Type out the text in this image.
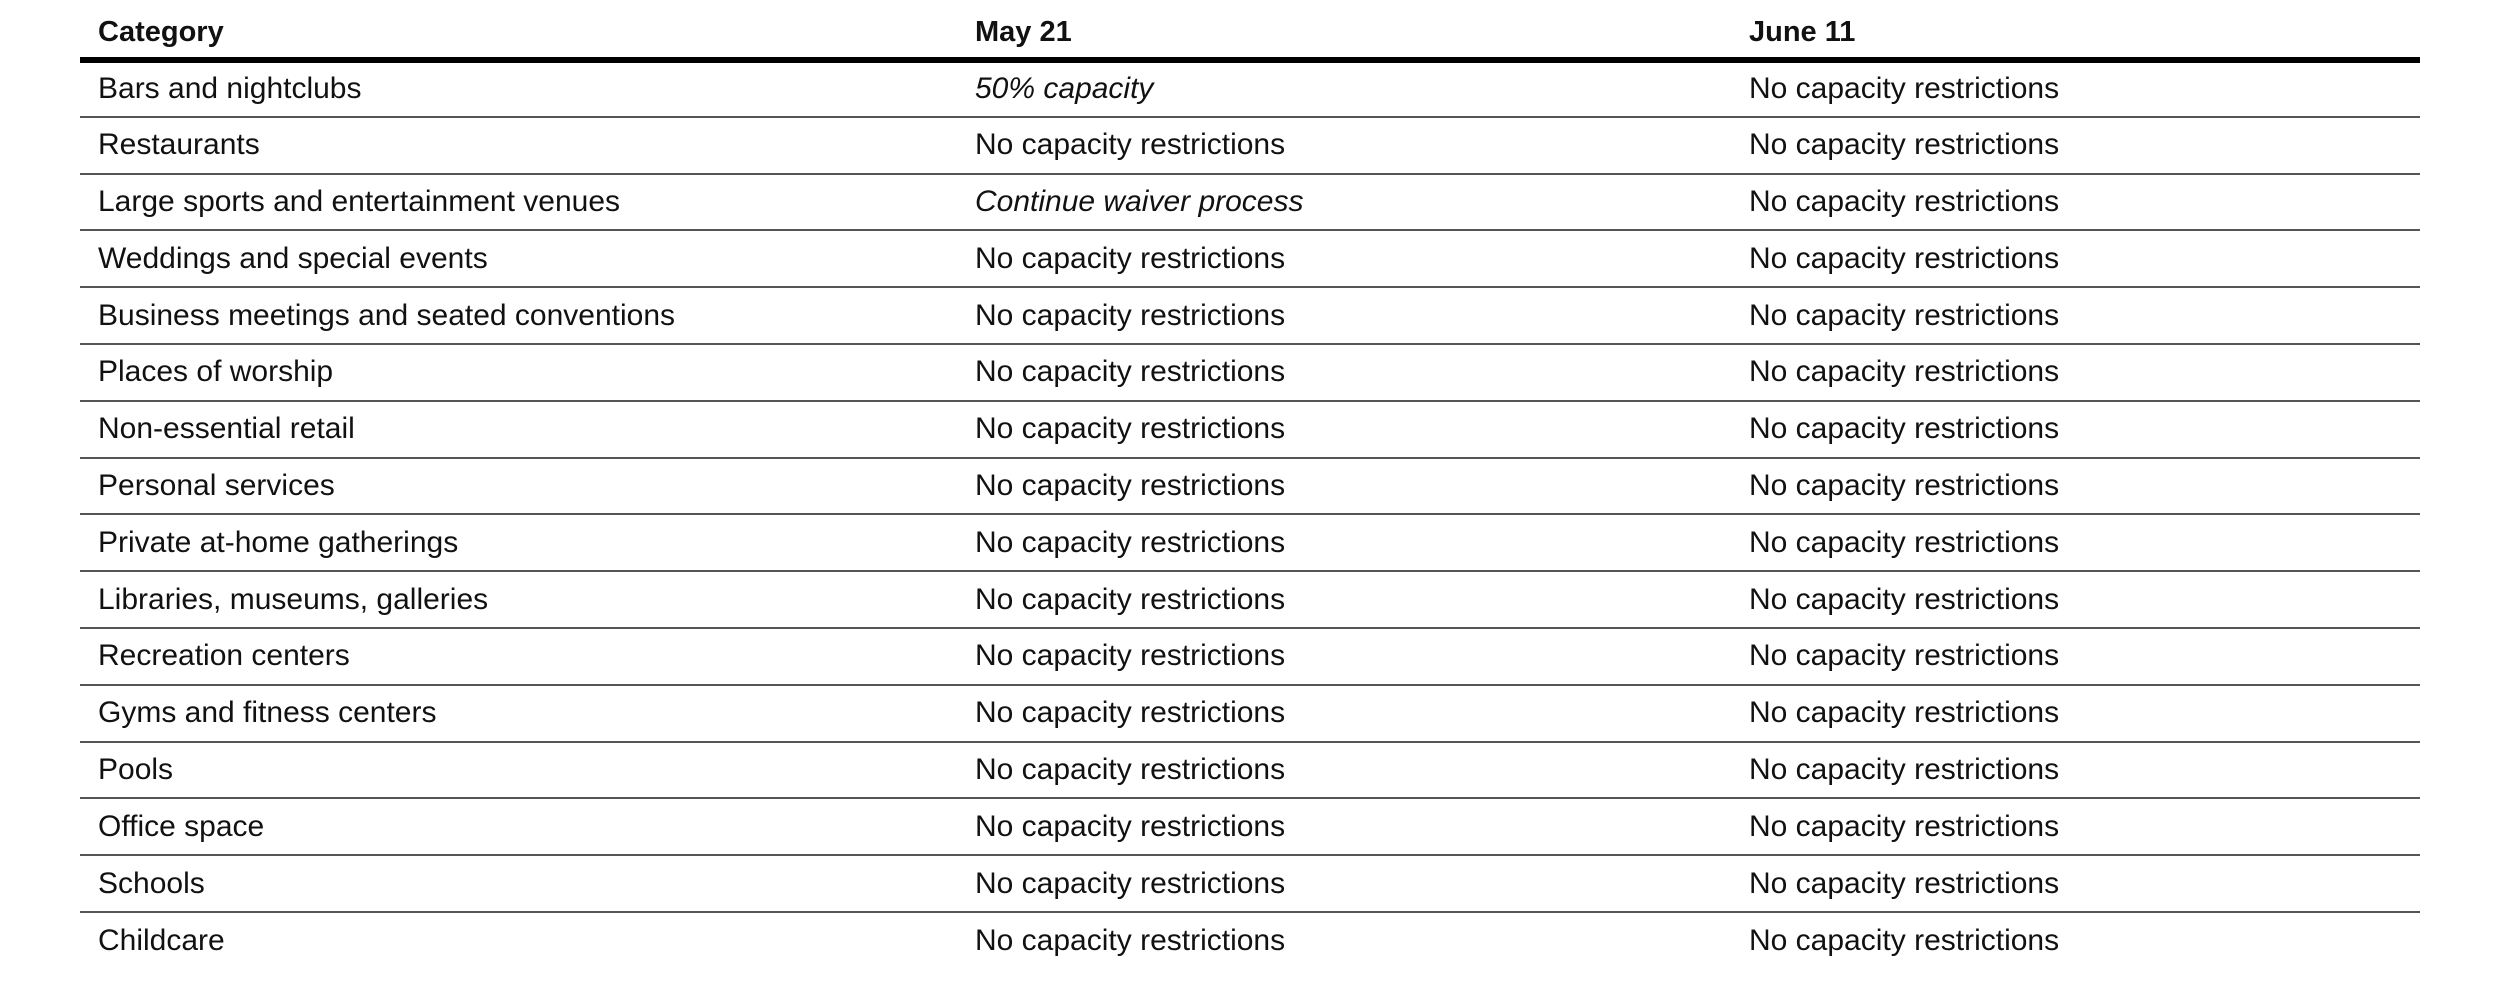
Category	May 21	June 11
Bars and nightclubs	50% capacity	No capacity restrictions
Restaurants	No capacity restrictions	No capacity restrictions
Large sports and entertainment venues	Continue waiver process	No capacity restrictions
Weddings and special events	No capacity restrictions	No capacity restrictions
Business meetings and seated conventions	No capacity restrictions	No capacity restrictions
Places of worship	No capacity restrictions	No capacity restrictions
Non-essential retail	No capacity restrictions	No capacity restrictions
Personal services	No capacity restrictions	No capacity restrictions
Private at-home gatherings	No capacity restrictions	No capacity restrictions
Libraries, museums, galleries	No capacity restrictions	No capacity restrictions
Recreation centers	No capacity restrictions	No capacity restrictions
Gyms and fitness centers	No capacity restrictions	No capacity restrictions
Pools	No capacity restrictions	No capacity restrictions
Office space	No capacity restrictions	No capacity restrictions
Schools	No capacity restrictions	No capacity restrictions
Childcare	No capacity restrictions	No capacity restrictions
